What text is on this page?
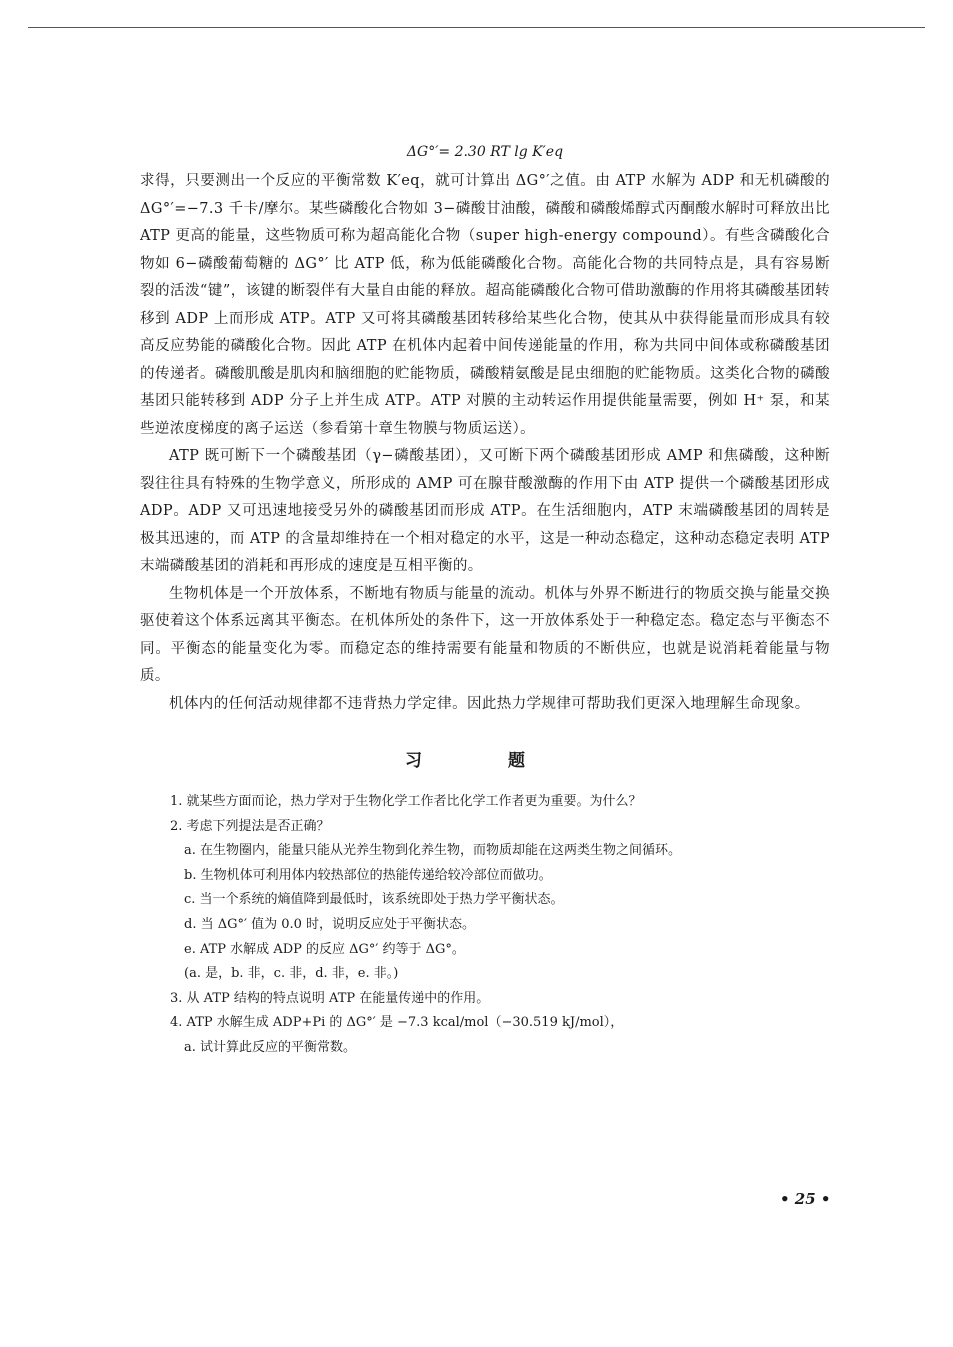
ΔG°′= 2.30 RT lg K′eq

求得，只要测出一个反应的平衡常数 K′eq，就可计算出 ΔG°′之值。由 ATP 水解为 ADP 和无机磷酸的 ΔG°′=−7.3 千卡/摩尔。某些磷酸化合物如 3−磷酸甘油酸，磷酸和磷酸烯醇式丙酮酸水解时可释放出比 ATP 更高的能量，这些物质可称为超高能化合物（super high-energy compound）。有些含磷酸化合物如 6−磷酸葡萄糖的 ΔG°′ 比 ATP 低，称为低能磷酸化合物。高能化合物的共同特点是，具有容易断裂的活泼“键”，该键的断裂伴有大量自由能的释放。超高能磷酸化合物可借助激酶的作用将其磷酸基团转移到 ADP 上而形成 ATP。ATP 又可将其磷酸基团转移给某些化合物，使其从中获得能量而形成具有较高反应势能的磷酸化合物。因此 ATP 在机体内起着中间传递能量的作用，称为共同中间体或称磷酸基团的传递者。磷酸肌酸是肌肉和脑细胞的贮能物质，磷酸精氨酸是昆虫细胞的贮能物质。这类化合物的磷酸基团只能转移到 ADP 分子上并生成 ATP。ATP 对膜的主动转运作用提供能量需要，例如 H⁺ 泵，和某些逆浓度梯度的离子运送（参看第十章生物膜与物质运送）。

ATP 既可断下一个磷酸基团（γ−磷酸基团），又可断下两个磷酸基团形成 AMP 和焦磷酸，这种断裂往往具有特殊的生物学意义，所形成的 AMP 可在腺苷酸激酶的作用下由 ATP 提供一个磷酸基团形成 ADP。ADP 又可迅速地接受另外的磷酸基团而形成 ATP。在生活细胞内，ATP 末端磷酸基团的周转是极其迅速的，而 ATP 的含量却维持在一个相对稳定的水平，这是一种动态稳定，这种动态稳定表明 ATP 末端磷酸基团的消耗和再形成的速度是互相平衡的。

生物机体是一个开放体系，不断地有物质与能量的流动。机体与外界不断进行的物质交换与能量交换驱使着这个体系远离其平衡态。在机体所处的条件下，这一开放体系处于一种稳定态。稳定态与平衡态不同。平衡态的能量变化为零。而稳定态的维持需要有能量和物质的不断供应，也就是说消耗着能量与物质。

机体内的任何活动规律都不违背热力学定律。因此热力学规律可帮助我们更深入地理解生命现象。

习 题
1. 就某些方面而论，热力学对于生物化学工作者比化学工作者更为重要。为什么？
2. 考虑下列提法是否正确？
a. 在生物圈内，能量只能从光养生物到化养生物，而物质却能在这两类生物之间循环。
b. 生物机体可利用体内较热部位的热能传递给较冷部位而做功。
c. 当一个系统的熵值降到最低时，该系统即处于热力学平衡状态。
d. 当 ΔG°′ 值为 0.0 时，说明反应处于平衡状态。
e. ATP 水解成 ADP 的反应 ΔG°′ 约等于 ΔG°。
(a. 是，b. 非，c. 非，d. 非，e. 非。)
3. 从 ATP 结构的特点说明 ATP 在能量传递中的作用。
4. ATP 水解生成 ADP+Pi 的 ΔG°′ 是 −7.3 kcal/mol（−30.519 kJ/mol），
a. 试计算此反应的平衡常数。
• 25 •
